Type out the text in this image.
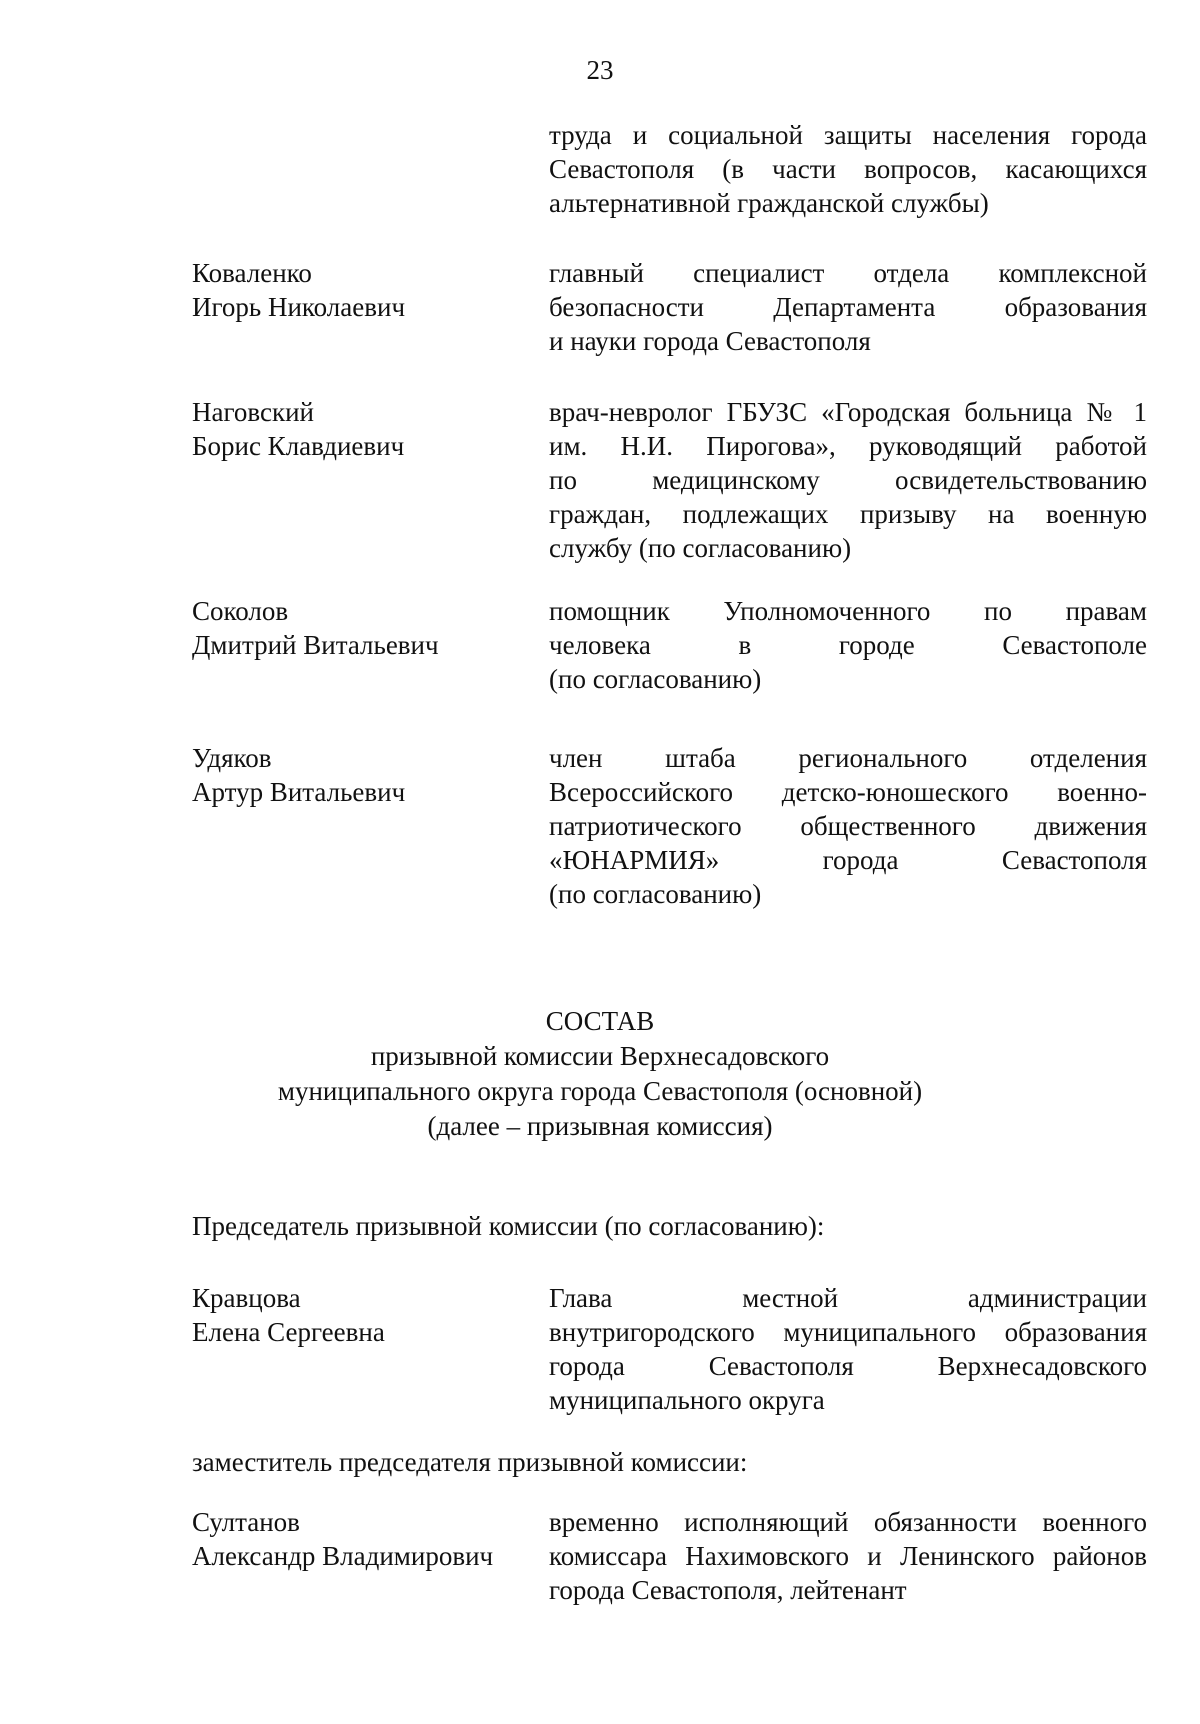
23
труда и социальной защиты населения города
Севастополя (в части вопросов, касающихся
альтернативной гражданской службы)
Коваленко
Игорь Николаевич
главный специалист отдела комплексной
безопасности Департамента образования
и науки города Севастополя
Наговский
Борис Клавдиевич
врач-невролог ГБУЗС «Городская больница № 1
им. Н.И. Пирогова», руководящий работой
по медицинскому освидетельствованию
граждан, подлежащих призыву на военную
службу (по согласованию)
Соколов
Дмитрий Витальевич
помощник Уполномоченного по правам
человека в городе Севастополе
(по согласованию)
Удяков
Артур Витальевич
член штаба регионального отделения
Всероссийского детско-юношеского военно-
патриотического общественного движения
«ЮНАРМИЯ» города Севастополя
(по согласованию)
СОСТАВ
призывной комиссии Верхнесадовского
муниципального округа города Севастополя (основной)
(далее – призывная комиссия)
Председатель призывной комиссии (по согласованию):
Кравцова
Елена Сергеевна
Глава местной администрации
внутригородского муниципального образования
города Севастополя Верхнесадовского
муниципального округа
заместитель председателя призывной комиссии:
Султанов
Александр Владимирович
временно исполняющий обязанности военного
комиссара Нахимовского и Ленинского районов
города Севастополя, лейтенант
